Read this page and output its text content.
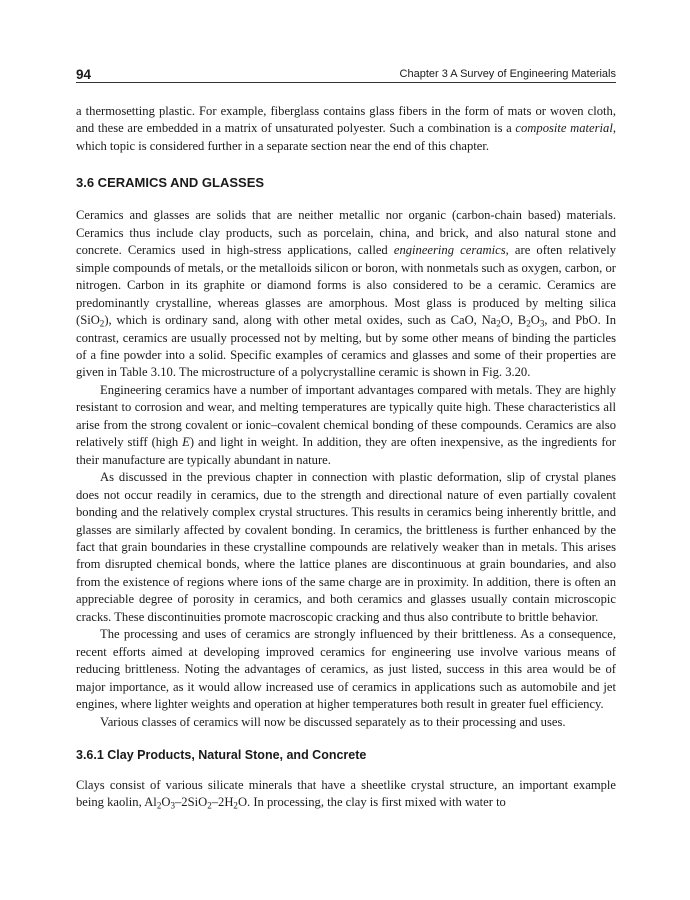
94	Chapter 3 A Survey of Engineering Materials

a thermosetting plastic. For example, fiberglass contains glass fibers in the form of mats or woven cloth, and these are embedded in a matrix of unsaturated polyester. Such a combination is a composite material, which topic is considered further in a separate section near the end of this chapter.

3.6 CERAMICS AND GLASSES

Ceramics and glasses are solids that are neither metallic nor organic (carbon-chain based) materials. Ceramics thus include clay products, such as porcelain, china, and brick, and also natural stone and concrete. Ceramics used in high-stress applications, called engineering ceramics, are often relatively simple compounds of metals, or the metalloids silicon or boron, with nonmetals such as oxygen, carbon, or nitrogen. Carbon in its graphite or diamond forms is also considered to be a ceramic. Ceramics are predominantly crystalline, whereas glasses are amorphous. Most glass is produced by melting silica (SiO$_2$), which is ordinary sand, along with other metal oxides, such as CaO, $Na_2O$, $B_2O_3$, and PbO. In contrast, ceramics are usually processed not by melting, but by some other means of binding the particles of a fine powder into a solid. Specific examples of ceramics and glasses and some of their properties are given in Table 3.10. The microstructure of a polycrystalline ceramic is shown in Fig. 3.20.

Engineering ceramics have a number of important advantages compared with metals. They are highly resistant to corrosion and wear, and melting temperatures are typically quite high. These characteristics all arise from the strong covalent or ionic–covalent chemical bonding of these compounds. Ceramics are also relatively stiff (high E) and light in weight. In addition, they are often inexpensive, as the ingredients for their manufacture are typically abundant in nature.

As discussed in the previous chapter in connection with plastic deformation, slip of crystal planes does not occur readily in ceramics, due to the strength and directional nature of even partially covalent bonding and the relatively complex crystal structures. This results in ceramics being inherently brittle, and glasses are similarly affected by covalent bonding. In ceramics, the brittleness is further enhanced by the fact that grain boundaries in these crystalline compounds are relatively weaker than in metals. This arises from disrupted chemical bonds, where the lattice planes are discontinuous at grain boundaries, and also from the existence of regions where ions of the same charge are in proximity. In addition, there is often an appreciable degree of porosity in ceramics, and both ceramics and glasses usually contain microscopic cracks. These discontinuities promote macroscopic cracking and thus also contribute to brittle behavior.

The processing and uses of ceramics are strongly influenced by their brittleness. As a consequence, recent efforts aimed at developing improved ceramics for engineering use involve various means of reducing brittleness. Noting the advantages of ceramics, as just listed, success in this area would be of major importance, as it would allow increased use of ceramics in applications such as automobile and jet engines, where lighter weights and operation at higher temperatures both result in greater fuel efficiency.

Various classes of ceramics will now be discussed separately as to their processing and uses.

3.6.1 Clay Products, Natural Stone, and Concrete

Clays consist of various silicate minerals that have a sheetlike crystal structure, an important example being kaolin, $Al_2O_3-2SiO_2-2H_2O$. In processing, the clay is first mixed with water to
